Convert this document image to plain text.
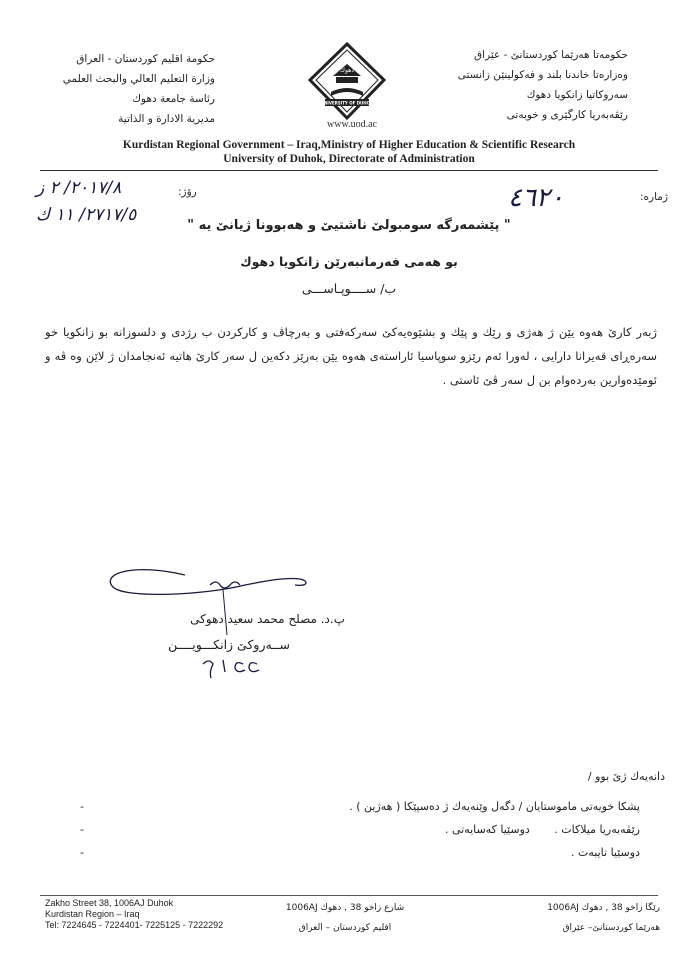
حكومەتا هەرێما كوردستانێ - عێراق
وەزارەتا خاندنا بلند و فەكولینێن زانستی
سەروكاتیا زانكویا دهوك
رێڤەبەریا كارگێری و خوبەتی
حكومة اقليم كوردستان - العراق
وزارة التعليم العالي والبحث العلمي
رئاسة جامعة دهوك
مديرية الادارة و الذاتية
دهوك
UNIVERSITY OF DUHOK
www.uod.ac
Kurdistan Regional Government – Iraq,Ministry of Higher Education & Scientific Research
University of Duhok, Directorate of Administration
ژمارە:
٤٦٢٠
رۆژ:
٢٠١٧/٨/ ٢ ز
٢٧١٧/٥/ ١١ ك
" پێشمەرگە سومبولێ ناشتیێ و هەبوونا ژیانێ یە "
بو هەمی فەرمانبەرێن زانكویا دهوك
ب/ ســــوپـاســـی
ژبەر كارێ هەوە یێن ژ هەژی و رێك و پێك و بشێوەیەكێ سەركەفتی و بەرچاڤ و كاركردن ب رژدی و دلسوزانە بو زانكویا خو سەرەڕای قەیرانا دارایی ، لەورا ئەم رێزو سوپاسیا ئاراستەی هەوە یێن بەرێز دكەین ل سەر كارێ هاتیە ئەنجامدان ژ لاێن وە ڤە و ئومێدەوارین بەردەوام بن ل سەر ڤێ ئاستی .
پ.د. مصلح محمد سعيد دهوكی
ســەروكێ زانكـــویــــن
دانەیەك ژێ بوو /
-	پشكا خویەتی ماموستایان / دگەل وێنەیەك ژ دەسپێكا ( هەژین ) .
-	رێڤەبەریا میلاكات .       دوسێیا كەسایەتی .
-	دوسێیا تایبەت .
Zakho Street 38, 1006AJ Duhok
Kurdistan Region – Iraq
Tel: 7224645 - 7224401- 7225125 - 7222292
شارع زاخو 38 , دهوك 1006AJ
اقليم كوردستان – العراق
رێگا زاخو 38 , دهوك 1006AJ
هەرێما كوردستانێ– عێراق
